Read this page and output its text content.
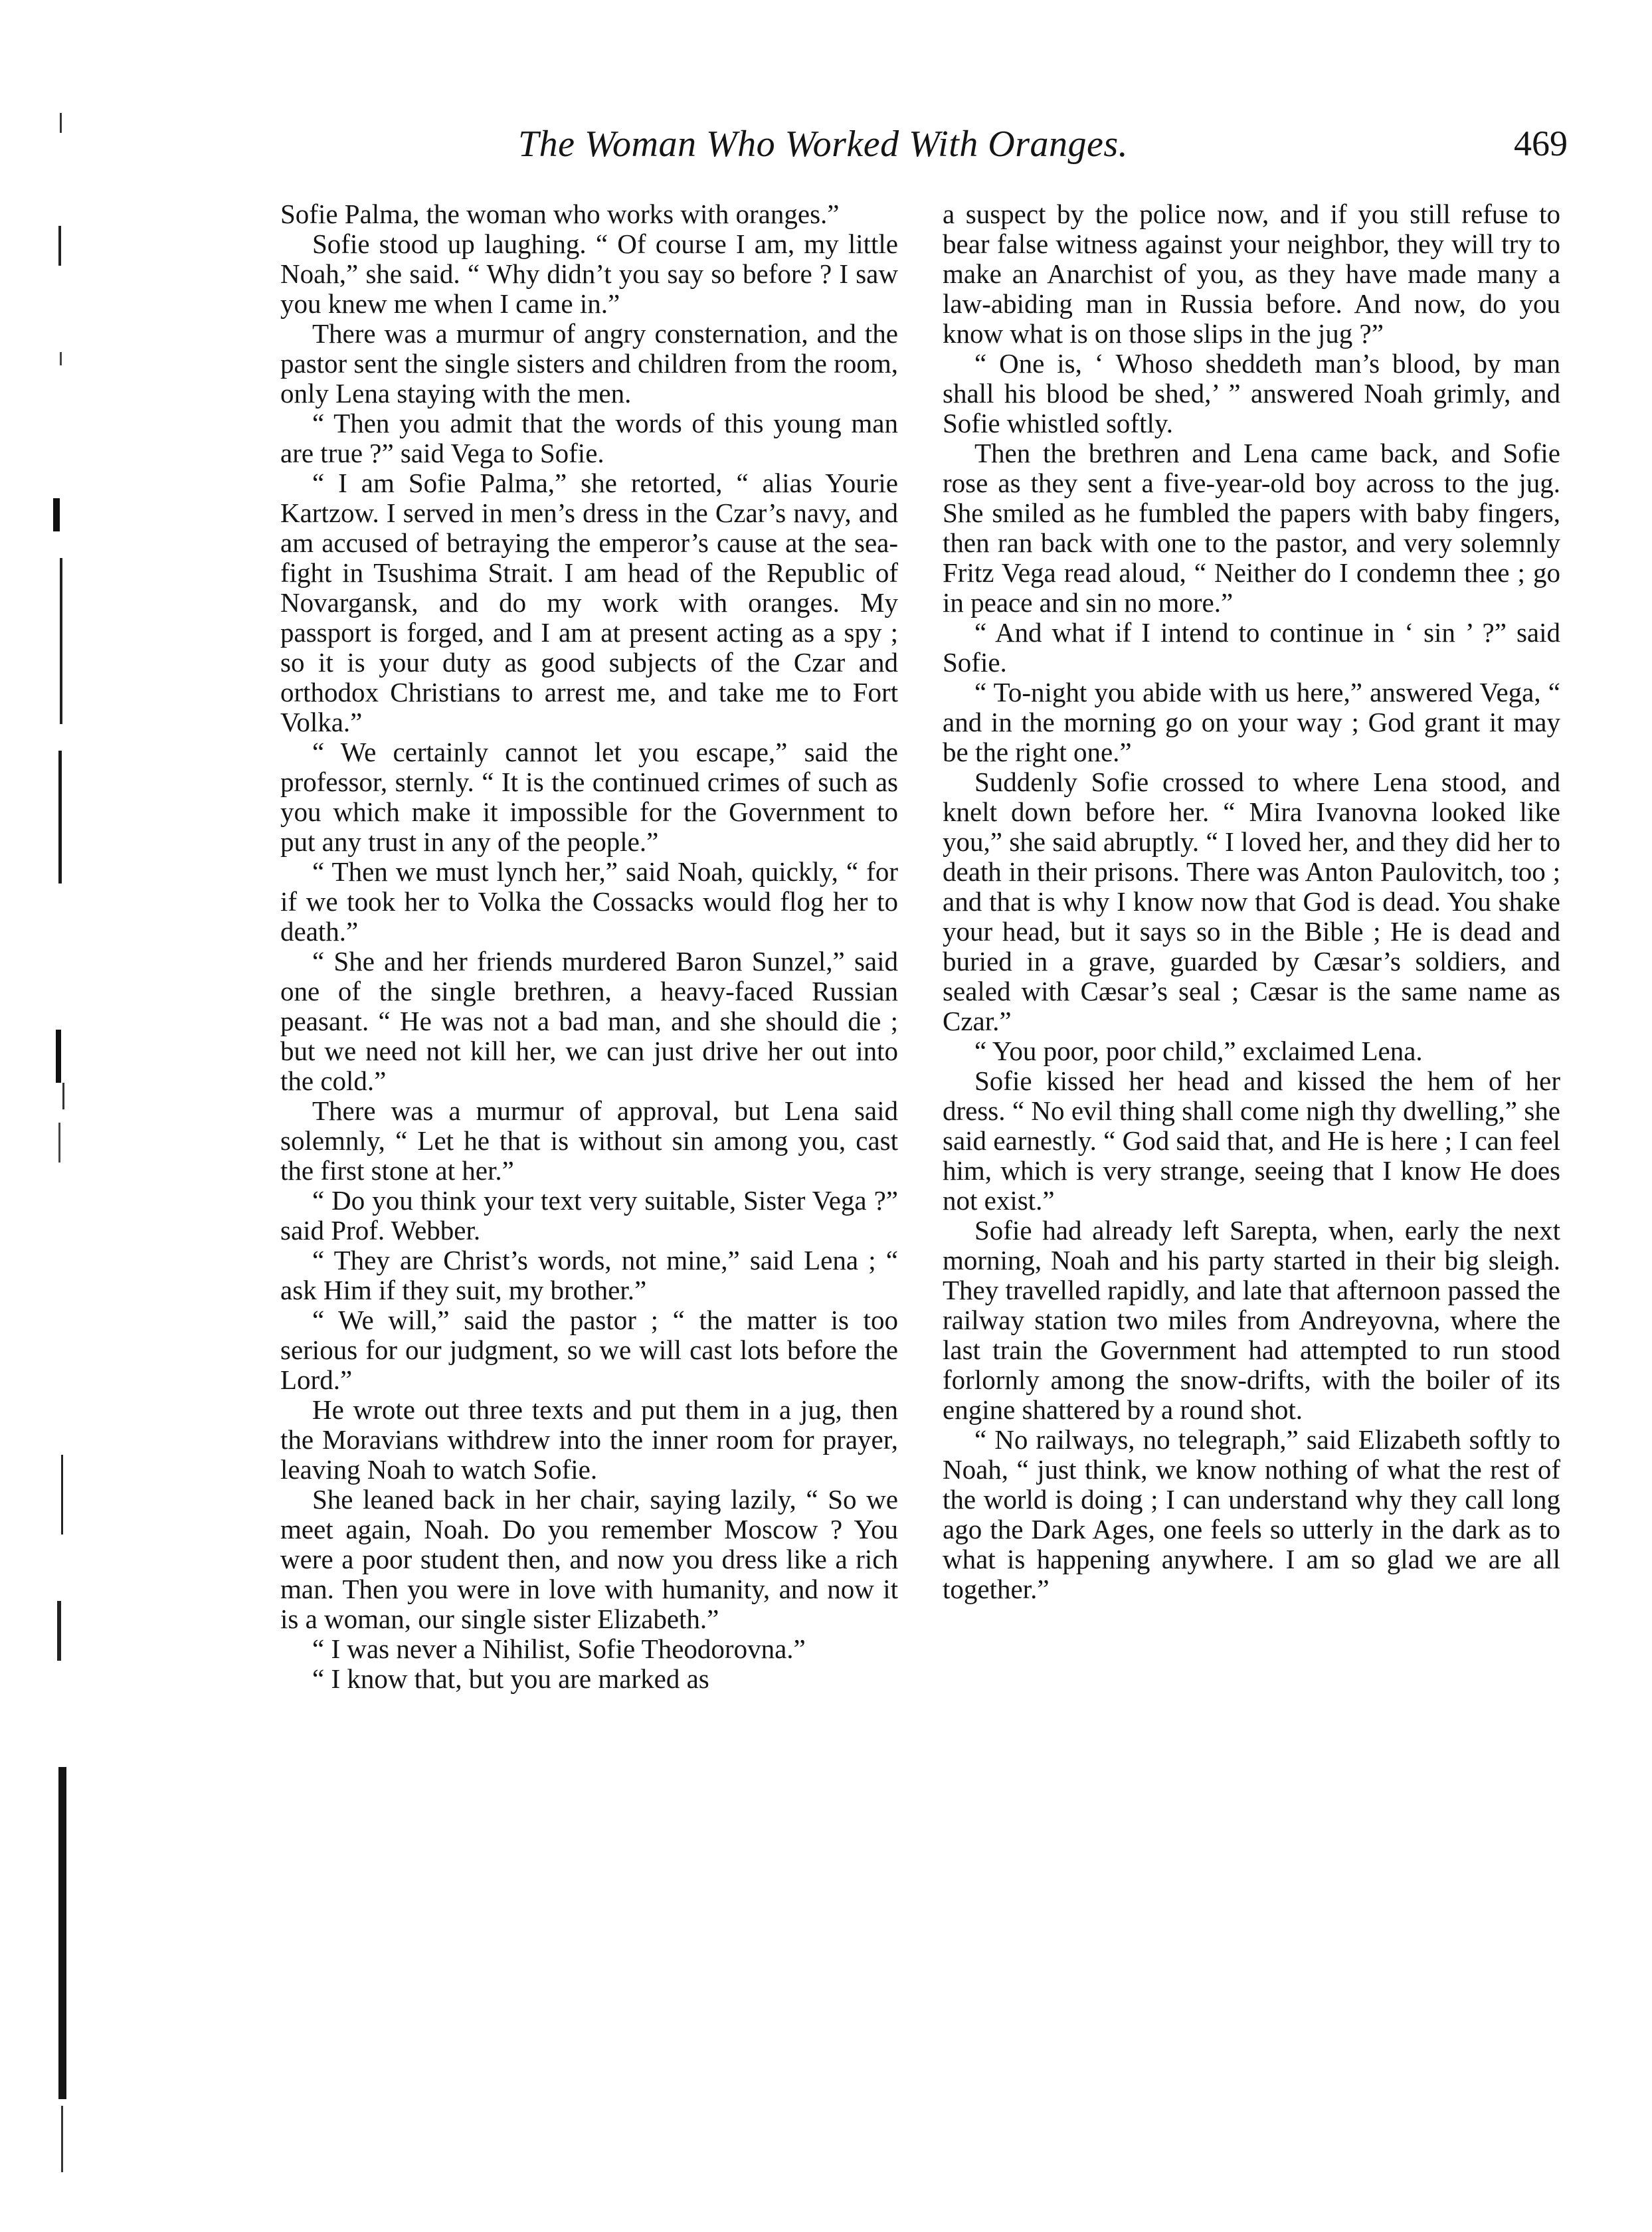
The Woman Who Worked With Oranges.	469

Sofie Palma, the woman who works with oranges.”

Sofie stood up laughing. “ Of course I am, my little Noah,” she said. “ Why didn’t you say so before ? I saw you knew me when I came in.”

There was a murmur of angry consternation, and the pastor sent the single sisters and children from the room, only Lena staying with the men.

“ Then you admit that the words of this young man are true ?” said Vega to Sofie.

“ I am Sofie Palma,” she retorted, “ alias Yourie Kartzow. I served in men’s dress in the Czar’s navy, and am accused of betraying the emperor’s cause at the sea-fight in Tsushima Strait. I am head of the Republic of Novargansk, and do my work with oranges. My passport is forged, and I am at present acting as a spy ; so it is your duty as good subjects of the Czar and orthodox Christians to arrest me, and take me to Fort Volka.”

“ We certainly cannot let you escape,” said the professor, sternly. “ It is the continued crimes of such as you which make it impossible for the Government to put any trust in any of the people.”

“ Then we must lynch her,” said Noah, quickly, “ for if we took her to Volka the Cossacks would flog her to death.”

“ She and her friends murdered Baron Sunzel,” said one of the single brethren, a heavy-faced Russian peasant. “ He was not a bad man, and she should die ; but we need not kill her, we can just drive her out into the cold.”

There was a murmur of approval, but Lena said solemnly, “ Let he that is without sin among you, cast the first stone at her.”

“ Do you think your text very suitable, Sister Vega ?” said Prof. Webber.

“ They are Christ’s words, not mine,” said Lena ; “ ask Him if they suit, my brother.”

“ We will,” said the pastor ; “ the matter is too serious for our judgment, so we will cast lots before the Lord.”

He wrote out three texts and put them in a jug, then the Moravians withdrew into the inner room for prayer, leaving Noah to watch Sofie.

She leaned back in her chair, saying lazily, “ So we meet again, Noah. Do you remember Moscow ? You were a poor student then, and now you dress like a rich man. Then you were in love with humanity, and now it is a woman, our single sister Elizabeth.”

“ I was never a Nihilist, Sofie Theodorovna.”

“ I know that, but you are marked as

a suspect by the police now, and if you still refuse to bear false witness against your neighbor, they will try to make an Anarchist of you, as they have made many a law-abiding man in Russia before. And now, do you know what is on those slips in the jug ?”

“ One is, ‘ Whoso sheddeth man’s blood, by man shall his blood be shed,’ ” answered Noah grimly, and Sofie whistled softly.

Then the brethren and Lena came back, and Sofie rose as they sent a five-year-old boy across to the jug. She smiled as he fumbled the papers with baby fingers, then ran back with one to the pastor, and very solemnly Fritz Vega read aloud, “ Neither do I condemn thee ; go in peace and sin no more.”

“ And what if I intend to continue in ‘ sin ’ ?” said Sofie.

“ To-night you abide with us here,” answered Vega, “ and in the morning go on your way ; God grant it may be the right one.”

Suddenly Sofie crossed to where Lena stood, and knelt down before her. “ Mira Ivanovna looked like you,” she said abruptly. “ I loved her, and they did her to death in their prisons. There was Anton Paulovitch, too ; and that is why I know now that God is dead. You shake your head, but it says so in the Bible ; He is dead and buried in a grave, guarded by Cæsar’s soldiers, and sealed with Cæsar’s seal ; Cæsar is the same name as Czar.”

“ You poor, poor child,” exclaimed Lena.

Sofie kissed her head and kissed the hem of her dress. “ No evil thing shall come nigh thy dwelling,” she said earnestly. “ God said that, and He is here ; I can feel him, which is very strange, seeing that I know He does not exist.”

Sofie had already left Sarepta, when, early the next morning, Noah and his party started in their big sleigh. They travelled rapidly, and late that afternoon passed the railway station two miles from Andreyovna, where the last train the Government had attempted to run stood forlornly among the snow-drifts, with the boiler of its engine shattered by a round shot.

“ No railways, no telegraph,” said Elizabeth softly to Noah, “ just think, we know nothing of what the rest of the world is doing ; I can understand why they call long ago the Dark Ages, one feels so utterly in the dark as to what is happening anywhere. I am so glad we are all together.”
